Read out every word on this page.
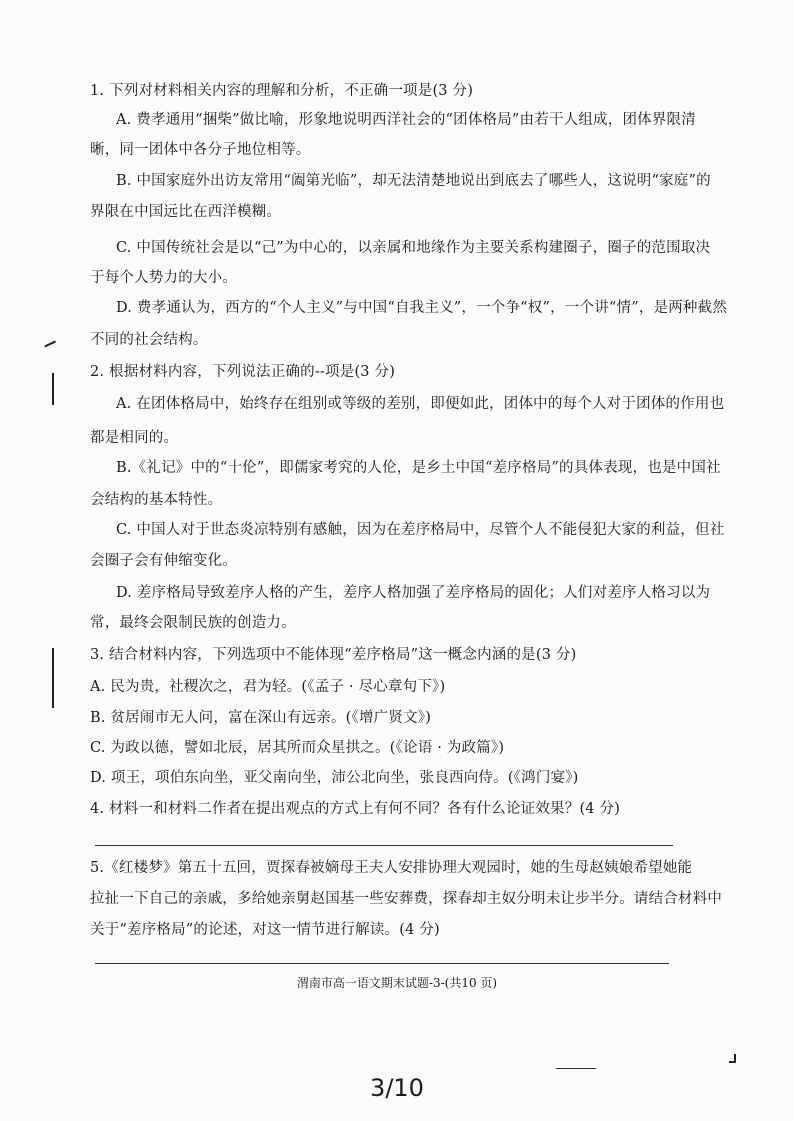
1. 下列对材料相关内容的理解和分析，不正确一项是(3 分)
A. 费孝通用“捆柴”做比喻，形象地说明西洋社会的“团体格局”由若干人组成，团体界限清
晰，同一团体中各分子地位相等。
B. 中国家庭外出访友常用“阖第光临”，却无法清楚地说出到底去了哪些人，这说明“家庭”的
界限在中国远比在西洋模糊。
C. 中国传统社会是以“己”为中心的，以亲属和地缘作为主要关系构建圈子，圈子的范围取决
于每个人势力的大小。
D. 费孝通认为，西方的“个人主义”与中国“自我主义”，一个争“权”，一个讲“情”，是两种截然
不同的社会结构。
2. 根据材料内容，下列说法正确的--项是(3 分)
A. 在团体格局中，始终存在组别或等级的差别，即便如此，团体中的每个人对于团体的作用也
都是相同的。
B.《礼记》中的“十伦”，即儒家考究的人伦，是乡土中国“差序格局”的具体表现，也是中国社
会结构的基本特性。
C. 中国人对于世态炎凉特别有感触，因为在差序格局中，尽管个人不能侵犯大家的利益，但社
会圈子会有伸缩变化。
D. 差序格局导致差序人格的产生，差序人格加强了差序格局的固化；人们对差序人格习以为
常，最终会限制民族的创造力。
3. 结合材料内容，下列选项中不能体现“差序格局”这一概念内涵的是(3 分)
A. 民为贵，社稷次之，君为轻。(《孟子 · 尽心章句下》)
B. 贫居闹市无人问，富在深山有远亲。(《增广贤文》)
C. 为政以德，譬如北辰，居其所而众星拱之。(《论语 · 为政篇》)
D. 项王，项伯东向坐，亚父南向坐，沛公北向坐，张良西向侍。(《鸿门宴》)
4. 材料一和材料二作者在提出观点的方式上有何不同？各有什么论证效果？(4 分)
5.《红楼梦》第五十五回，贾探春被嫡母王夫人安排协理大观园时，她的生母赵姨娘希望她能
拉扯一下自己的亲戚，多给她亲舅赵国基一些安葬费，探春却主奴分明未让步半分。请结合材料中
关于“差序格局”的论述，对这一情节进行解读。(4 分)
渭南市高一语文期末试题-3-(共10 页)
3/10
